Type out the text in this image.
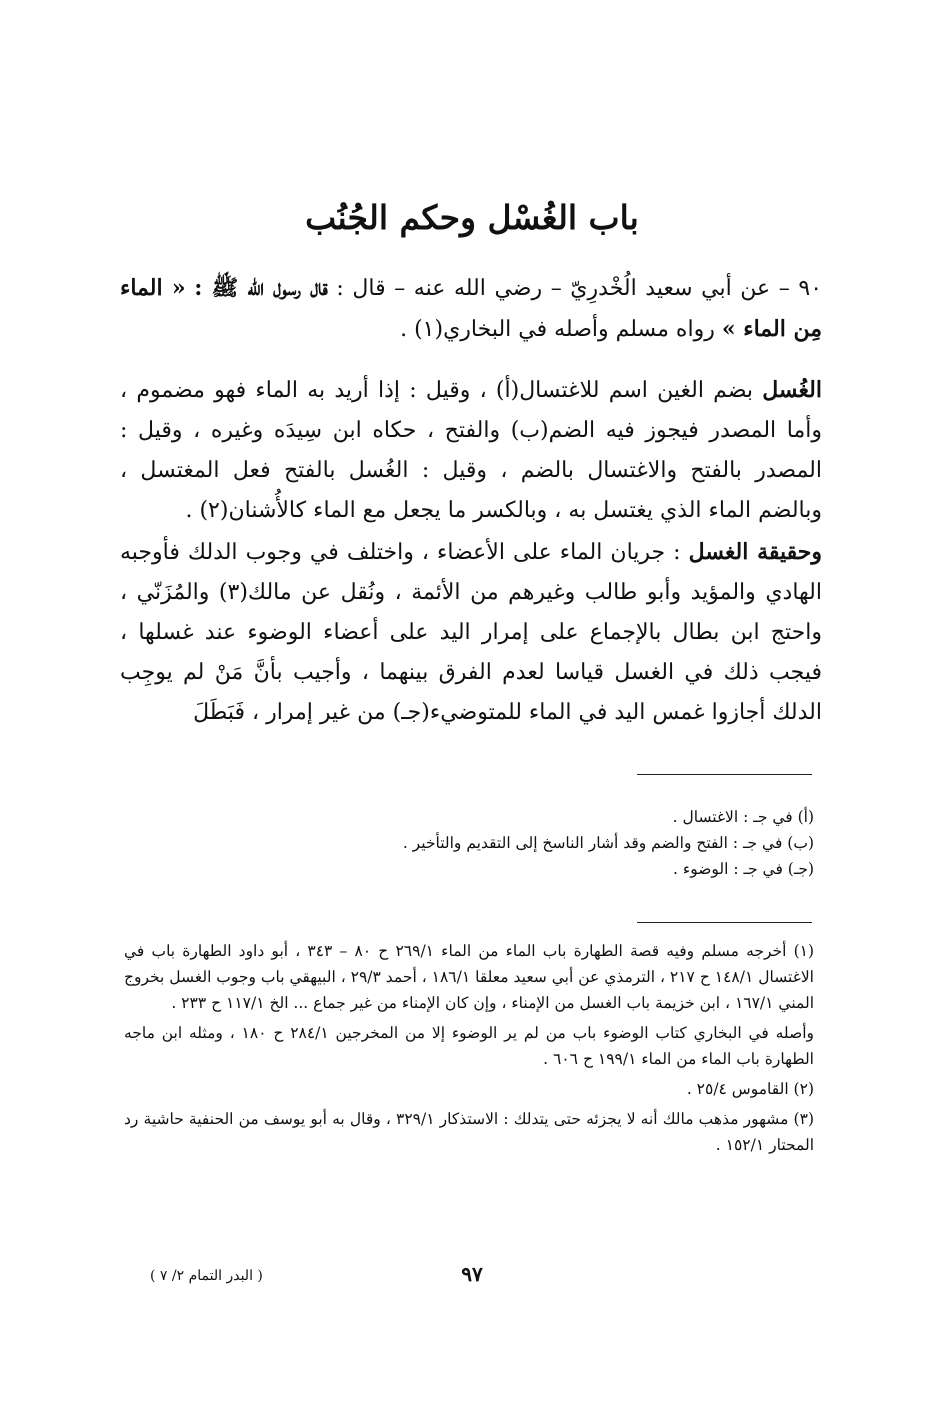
باب الغُسْل وحكم الجُنُب
٩٠ – عن أبي سعيد الُخْدرِيّ – رضي الله عنه – قال : قال رسول الله ﷺ : « الماء مِن الماء » رواه مسلم وأصله في البخاري(١) .
الغُسل بضم الغين اسم للاغتسال(أ) ، وقيل : إذا أريد به الماء فهو مضموم ، وأما المصدر فيجوز فيه الضم(ب) والفتح ، حكاه ابن سِيدَه وغيره ، وقيل : المصدر بالفتح والاغتسال بالضم ، وقيل : الغُسل بالفتح فعل المغتسل ، وبالضم الماء الذي يغتسل به ، وبالكسر ما يجعل مع الماء كالأُشنان(٢) .
وحقيقة الغسل : جريان الماء على الأعضاء ، واختلف في وجوب الدلك فأوجبه الهادي والمؤيد وأبو طالب وغيرهم من الأئمة ، ونُقل عن مالك(٣) والمُزَنّي ، واحتج ابن بطال بالإجماع على إمرار اليد على أعضاء الوضوء عند غسلها ، فيجب ذلك في الغسل قياسا لعدم الفرق بينهما ، وأجيب بأنَّ مَنْ لم يوجِب الدلك أجازوا غمس اليد في الماء للمتوضيء(جـ) من غير إمرار ، فَبَطَلَ
(أ) في جـ : الاغتسال .
(ب) في جـ : الفتح والضم وقد أشار الناسخ إلى التقديم والتأخير .
(جـ) في جـ : الوضوء .
(١) أخرجه مسلم وفيه قصة الطهارة باب الماء من الماء ٢٦٩/١ ح ٨٠ – ٣٤٣ ، أبو داود الطهارة باب في الاغتسال ١٤٨/١ ح ٢١٧ ، الترمذي عن أبي سعيد معلقا ١٨٦/١ ، أحمد ٢٩/٣ ، البيهقي باب وجوب الغسل بخروج المني ١٦٧/١ ، ابن خزيمة باب الغسل من الإمناء ، وإن كان الإمناء من غير جماع ... الخ ١١٧/١ ح ٢٣٣ .
وأصله في البخاري كتاب الوضوء باب من لم ير الوضوء إلا من المخرجين ٢٨٤/١ ح ١٨٠ ، ومثله ابن ماجه الطهارة باب الماء من الماء ١٩٩/١ ح ٦٠٦ .
(٢) القاموس ٢٥/٤ .
(٣) مشهور مذهب مالك أنه لا يجزئه حتى يتدلك : الاستذكار ٣٢٩/١ ، وقال به أبو يوسف من الحنفية حاشية رد المحتار ١٥٢/١ .
٩٧
( البدر التمام ٢/ ٧ )
